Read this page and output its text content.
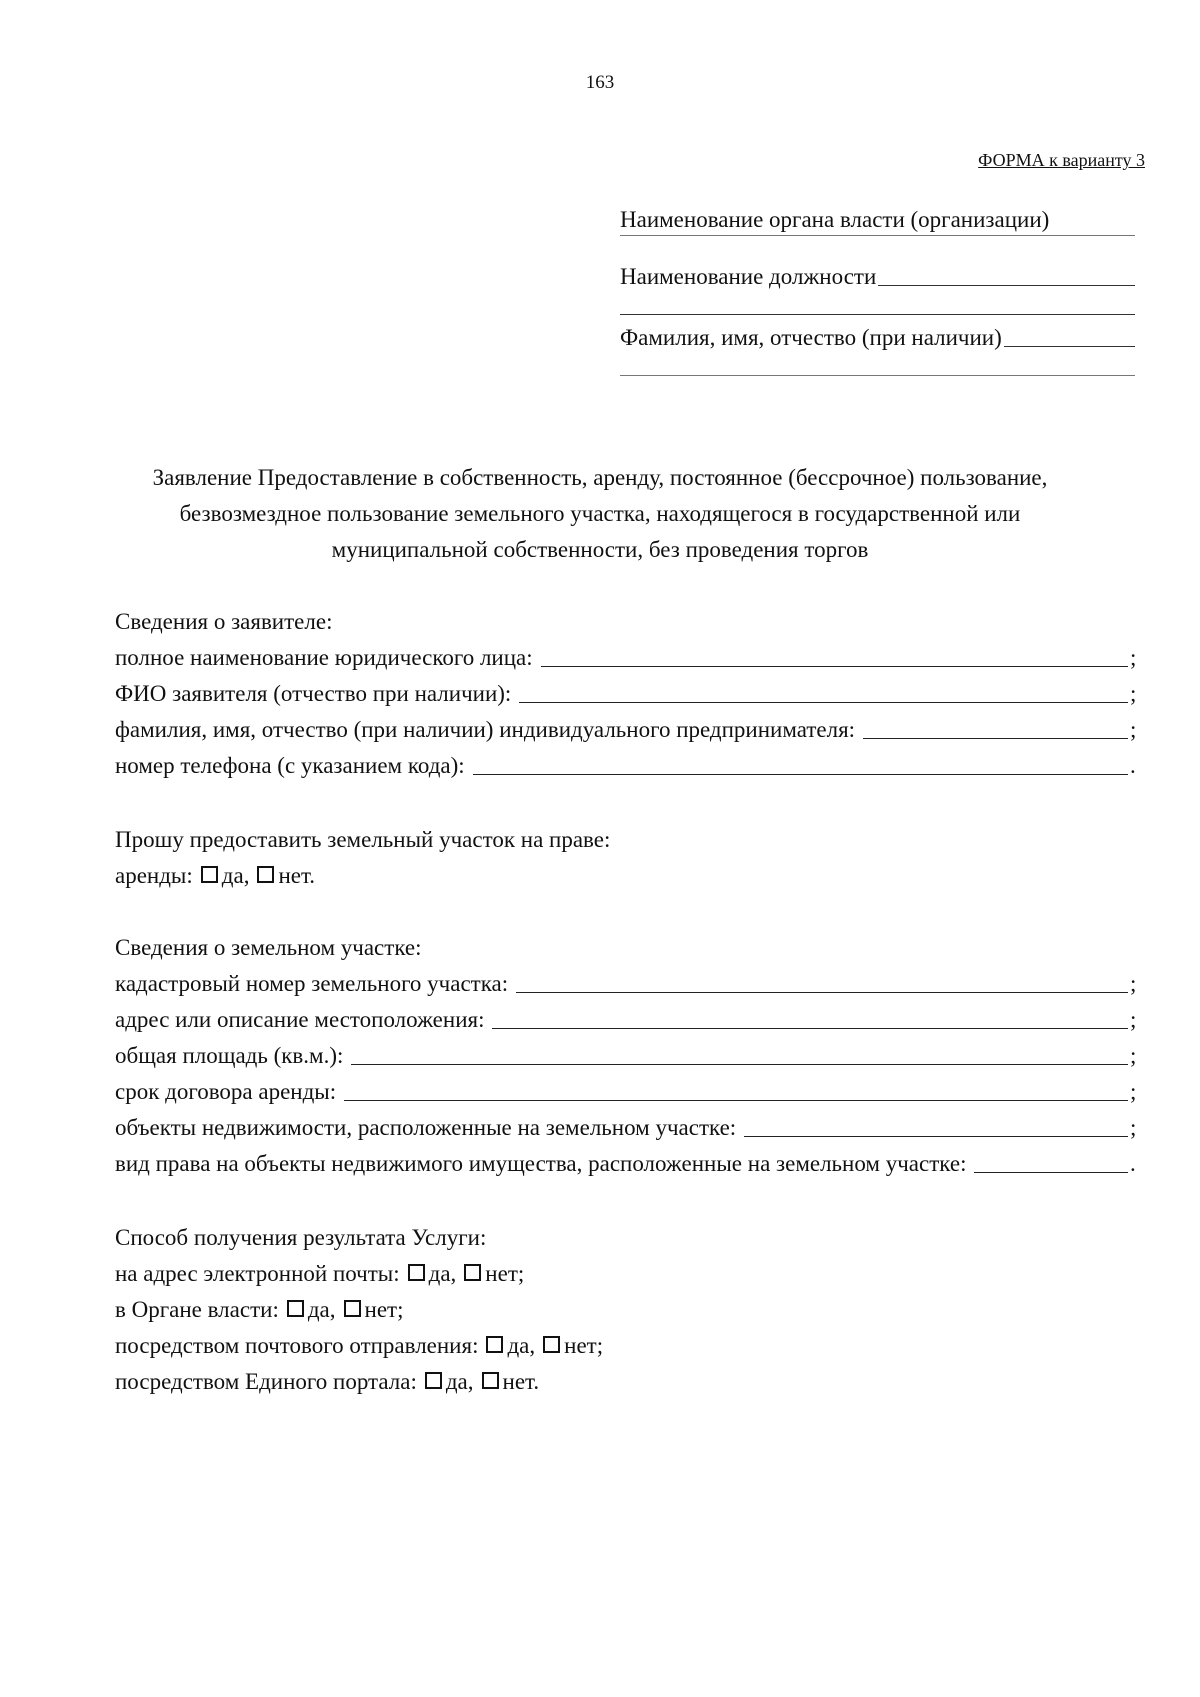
163
ФОРМА к варианту 3
Наименование органа власти (организации)
Наименование должности
Фамилия, имя, отчество (при наличии)
Заявление Предоставление в собственность, аренду, постоянное (бессрочное) пользование, безвозмездное пользование земельного участка, находящегося в государственной или муниципальной собственности, без проведения торгов
Сведения о заявителе:
полное наименование юридического лица:	;
ФИО заявителя (отчество при наличии):	;
фамилия, имя, отчество (при наличии) индивидуального предпринимателя:	;
номер телефона (с указанием кода):	.
Прошу предоставить земельный участок на праве:
аренды: да, нет.
Сведения о земельном участке:
кадастровый номер земельного участка:	;
адрес или описание местоположения:	;
общая площадь (кв.м.):	;
срок договора аренды:	;
объекты недвижимости, расположенные на земельном участке:	;
вид права на объекты недвижимого имущества, расположенные на земельном участке:	.
Способ получения результата Услуги:
на адрес электронной почты: да, нет;
в Органе власти: да, нет;
посредством почтового отправления: да, нет;
посредством Единого портала: да, нет.
